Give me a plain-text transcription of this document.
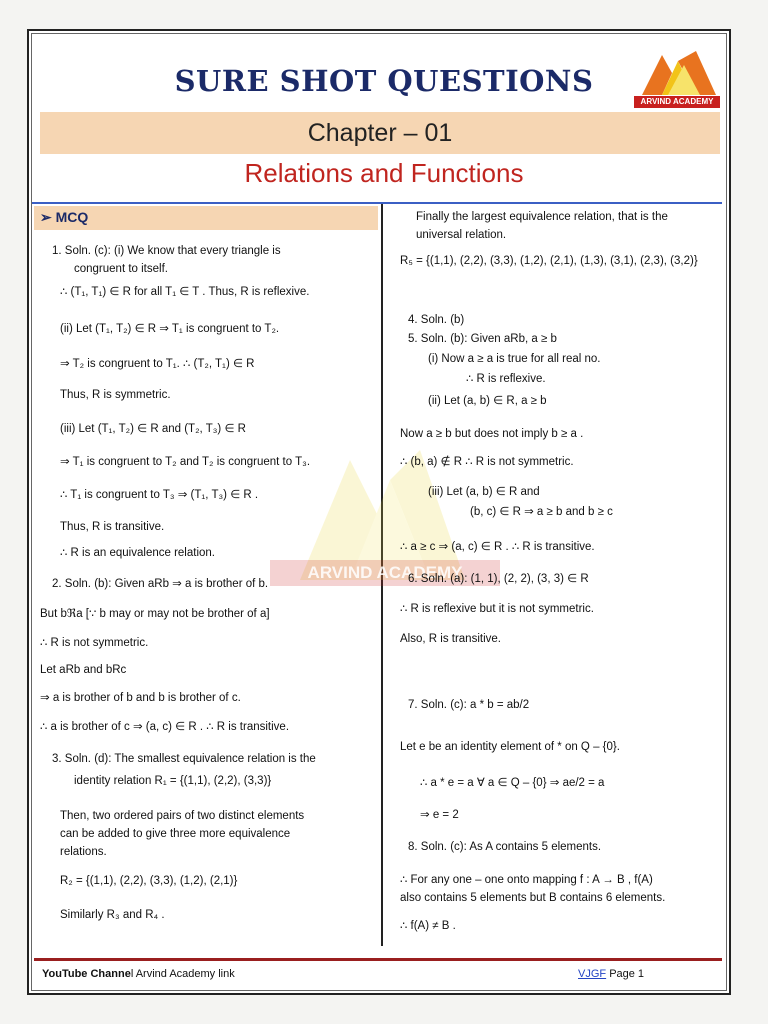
SURE SHOT QUESTIONS
ARVIND ACADEMY
Chapter – 01
Relations and Functions
ARVIND ACADEMY
➢ MCQ
1. Soln. (c): (i) We know that every triangle is
congruent to itself.
∴ (T₁, T₁) ∈ R for all T₁ ∈ T . Thus, R is reflexive.
(ii) Let (T₁, T₂) ∈ R ⇒ T₁ is congruent to T₂.
⇒ T₂ is congruent to T₁. ∴ (T₂, T₁) ∈ R
Thus, R is symmetric.
(iii) Let (T₁, T₂) ∈ R and (T₂, T₃) ∈ R
⇒ T₁ is congruent to T₂ and T₂ is congruent to T₃.
∴ T₁ is congruent to T₃ ⇒ (T₁, T₃) ∈ R .
Thus, R is transitive.
∴ R is an equivalence relation.
2. Soln. (b): Given aRb ⇒ a is brother of b.
But bℜa [∵ b may or may not be brother of a]
∴ R is not symmetric.
Let aRb and bRc
⇒ a is brother of b and b is brother of c.
∴ a is brother of c ⇒ (a, c) ∈ R . ∴ R is transitive.
3. Soln. (d): The smallest equivalence relation is the
identity relation R₁ = {(1,1), (2,2), (3,3)}
Then, two ordered pairs of two distinct elements
can be added to give three more equivalence
relations.
R₂ = {(1,1), (2,2), (3,3), (1,2), (2,1)}
Similarly R₃ and R₄ .
Finally the largest equivalence relation, that is the
universal relation.
R₅ = {(1,1), (2,2), (3,3), (1,2), (2,1), (1,3), (3,1), (2,3), (3,2)}
4. Soln. (b)
5. Soln. (b): Given aRb, a ≥ b
(i) Now a ≥ a is true for all real no.
∴ R is reflexive.
(ii) Let (a, b) ∈ R, a ≥ b
Now a ≥ b but does not imply b ≥ a .
∴ (b, a) ∉ R ∴ R is not symmetric.
(iii) Let (a, b) ∈ R and
(b, c) ∈ R ⇒ a ≥ b and b ≥ c
∴ a ≥ c ⇒ (a, c) ∈ R . ∴ R is transitive.
6. Soln. (a): (1, 1), (2, 2), (3, 3) ∈ R
∴ R is reflexive but it is not symmetric.
Also, R is transitive.
7. Soln. (c): a * b = ab/2
Let e be an identity element of * on Q – {0}.
∴ a * e = a ∀ a ∈ Q – {0} ⇒ ae/2 = a
⇒ e = 2
8. Soln. (c): As A contains 5 elements.
∴ For any one – one onto mapping f : A → B , f(A)
also contains 5 elements but B contains 6 elements.
∴ f(A) ≠ B .
YouTube Channel Arvind Academy link	VJGF Page 1
